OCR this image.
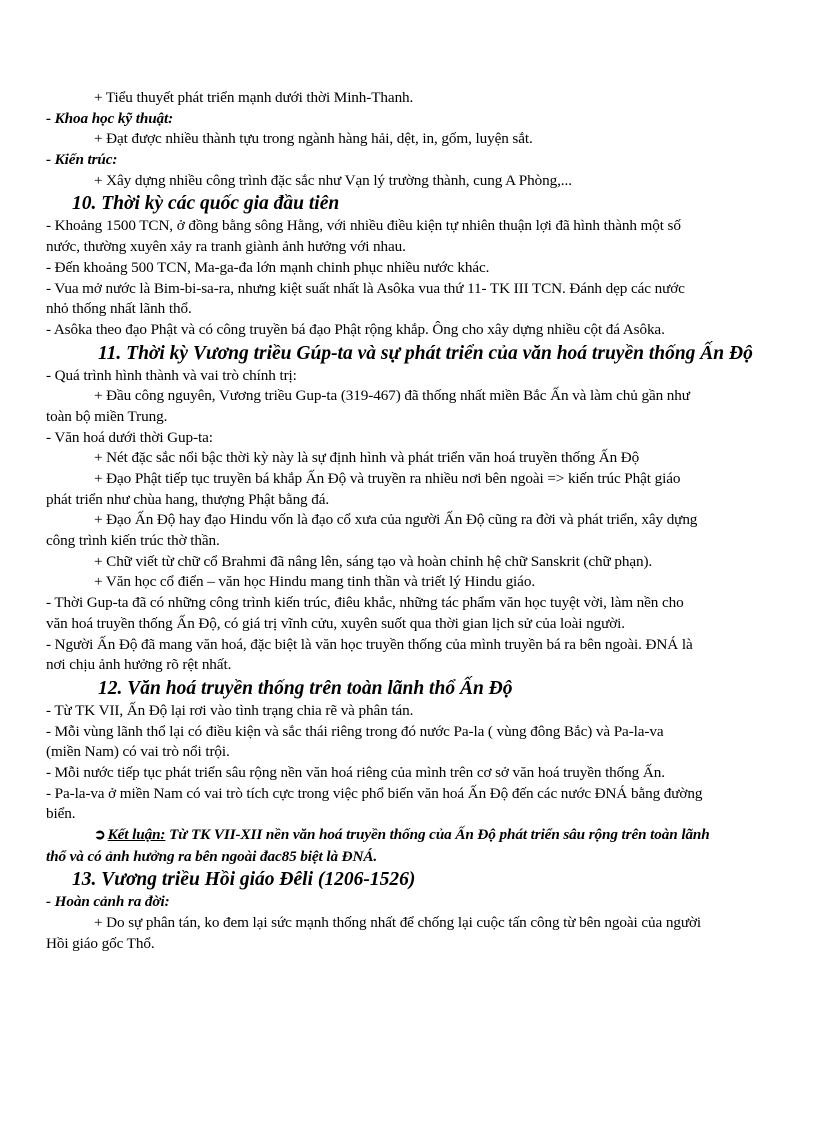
+ Tiểu thuyết phát triển mạnh dưới thời Minh-Thanh.
- Khoa học kỹ thuật:
+ Đạt được nhiều thành tựu trong ngành hàng hải, dệt, in, gốm, luyện sắt.
- Kiến trúc:
+ Xây dựng nhiều công trình đặc sắc như Vạn lý trường thành, cung A Phòng,...
10. Thời kỳ các quốc gia đầu tiên
- Khoảng 1500 TCN, ở đồng bằng sông Hằng, với nhiều điều kiện tự nhiên thuận lợi đã hình thành một số
nước, thường xuyên xảy ra tranh giành ảnh hưởng với nhau.
- Đến khoảng 500 TCN, Ma-ga-đa lớn mạnh chinh phục nhiều nước khác.
- Vua mở nước là Bim-bi-sa-ra, nhưng kiệt suất nhất là Asôka vua thứ 11- TK III TCN. Đánh dẹp các nước
nhỏ thống nhất lãnh thổ.
- Asôka theo đạo Phật và có công truyền bá đạo Phật rộng khắp. Ông cho xây dựng nhiều cột đá Asôka.
11. Thời kỳ Vương triều Gúp-ta và sự phát triển của văn hoá truyền thống Ấn Độ
- Quá trình hình thành và vai trò chính trị:
+ Đầu công nguyên, Vương triều Gup-ta (319-467) đã thống nhất miền Bắc Ấn và làm chủ gần như
toàn bộ miền Trung.
- Văn hoá dưới thời Gup-ta:
+ Nét đặc sắc nổi bậc thời kỳ này là sự định hình và phát triển văn hoá truyền thống Ấn Độ
+ Đạo Phật tiếp tục truyền bá khắp Ấn Độ và truyền ra nhiều nơi bên ngoài => kiến trúc Phật giáo
phát triển như chùa hang, thượng Phật bằng đá.
+ Đạo Ấn Độ hay đạo Hindu vốn là đạo cổ xưa của người Ấn Độ cũng ra đời và phát triển, xây dựng
công trình kiến trúc thờ thần.
+ Chữ viết từ chữ cổ Brahmi đã nâng lên, sáng tạo và hoàn chỉnh hệ chữ Sanskrit (chữ phạn).
+ Văn học cổ điển – văn học Hindu mang tinh thần và triết lý Hindu giáo.
- Thời Gup-ta đã có những công trình kiến trúc, điêu khắc, những tác phẩm văn học tuyệt vời, làm nền cho
văn hoá truyền thống Ấn Độ, có giá trị vĩnh cửu, xuyên suốt qua thời gian lịch sử của loài người.
- Người Ấn Độ đã mang văn hoá, đặc biệt là văn học truyền thống của mình truyền bá ra bên ngoài. ĐNÁ là
nơi chịu ảnh hưởng rõ rệt nhất.
12. Văn hoá truyền thống trên toàn lãnh thổ Ấn Độ
- Từ TK VII, Ấn Độ lại rơi vào tình trạng chia rẽ và phân tán.
- Mỗi vùng lãnh thổ lại có điều kiện và sắc thái riêng trong đó nước Pa-la ( vùng đông Bắc) và Pa-la-va
(miền Nam) có vai trò nổi trội.
- Mỗi nước tiếp tục phát triển sâu rộng nền văn hoá riêng của mình trên cơ sở văn hoá truyền thống Ấn.
- Pa-la-va ở miền Nam có vai trò tích cực trong việc phổ biến văn hoá Ấn Độ đến các nước ĐNÁ bằng đường
biển.
➲ Kết luận: Từ TK VII-XII nền văn hoá truyền thống của Ấn Độ phát triển sâu rộng trên toàn lãnh
thổ và có ảnh hưởng ra bên ngoài đac85 biệt là ĐNÁ.
13. Vương triều Hồi giáo Đêli (1206-1526)
- Hoàn cảnh ra đời:
+ Do sự phân tán, ko đem lại sức mạnh thống nhất để chống lại cuộc tấn công từ bên ngoài của người
Hồi giáo gốc Thổ.
